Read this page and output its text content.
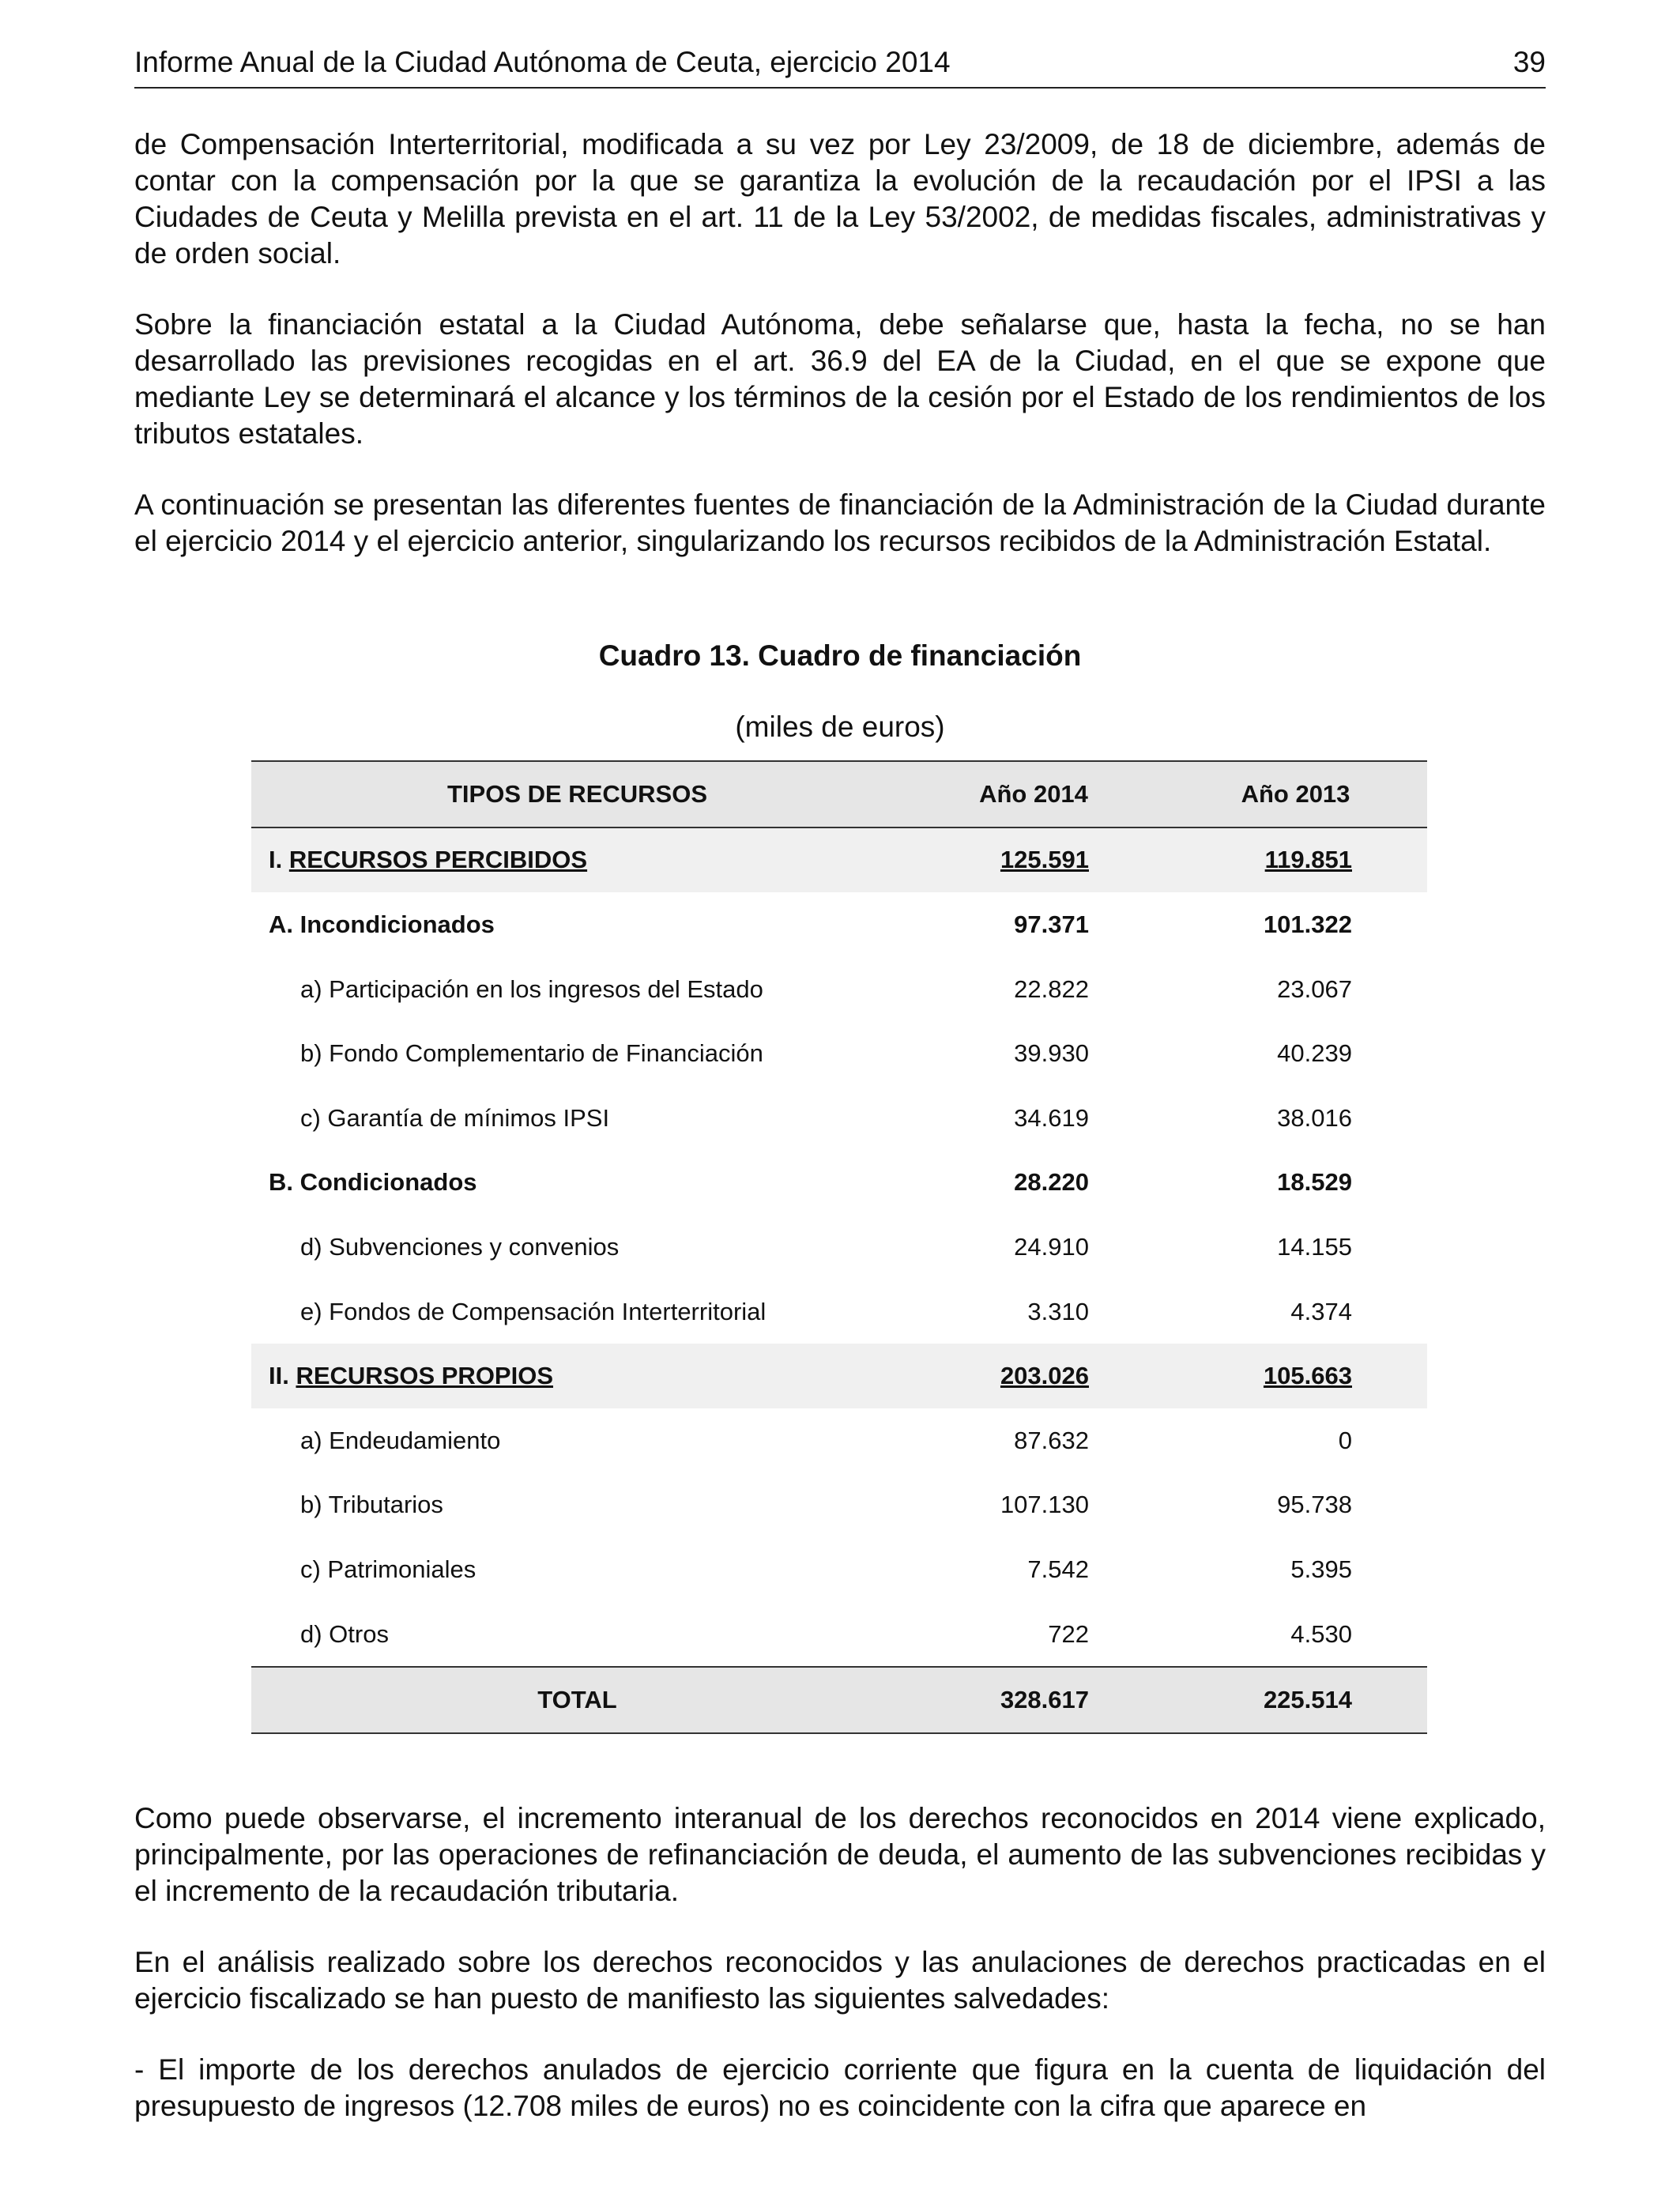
Informe Anual de la Ciudad Autónoma de Ceuta, ejercicio 2014	39

de Compensación Interterritorial, modificada a su vez por Ley 23/2009, de 18 de diciembre, además de contar con la compensación por la que se garantiza la evolución de la recaudación por el IPSI a las Ciudades de Ceuta y Melilla prevista en el art. 11 de la Ley 53/2002, de medidas fiscales, administrativas y de orden social.

Sobre la financiación estatal a la Ciudad Autónoma, debe señalarse que, hasta la fecha, no se han desarrollado las previsiones recogidas en el art. 36.9 del EA de la Ciudad, en el que se expone que mediante Ley se determinará el alcance y los términos de la cesión por el Estado de los rendimientos de los tributos estatales.

A continuación se presentan las diferentes fuentes de financiación de la Administración de la Ciudad durante el ejercicio 2014 y el ejercicio anterior, singularizando los recursos recibidos de la Administración Estatal.

Cuadro 13. Cuadro de financiación
(miles de euros)
TIPOS DE RECURSOS	Año 2014	Año 2013
I. RECURSOS PERCIBIDOS	125.591	119.851
A. Incondicionados	97.371	101.322
a) Participación en los ingresos del Estado	22.822	23.067
b) Fondo Complementario de Financiación	39.930	40.239
c) Garantía de mínimos IPSI	34.619	38.016
B. Condicionados	28.220	18.529
d) Subvenciones y convenios	24.910	14.155
e) Fondos de Compensación Interterritorial	3.310	4.374
II. RECURSOS PROPIOS	203.026	105.663
a) Endeudamiento	87.632	0
b) Tributarios	107.130	95.738
c) Patrimoniales	7.542	5.395
d) Otros	722	4.530
TOTAL	328.617	225.514

Como puede observarse, el incremento interanual de los derechos reconocidos en 2014 viene explicado, principalmente, por las operaciones de refinanciación de deuda, el aumento de las subvenciones recibidas y el incremento de la recaudación tributaria.

En el análisis realizado sobre los derechos reconocidos y las anulaciones de derechos practicadas en el ejercicio fiscalizado se han puesto de manifiesto las siguientes salvedades:

- El importe de los derechos anulados de ejercicio corriente que figura en la cuenta de liquidación del presupuesto de ingresos (12.708 miles de euros) no es coincidente con la cifra que aparece en
